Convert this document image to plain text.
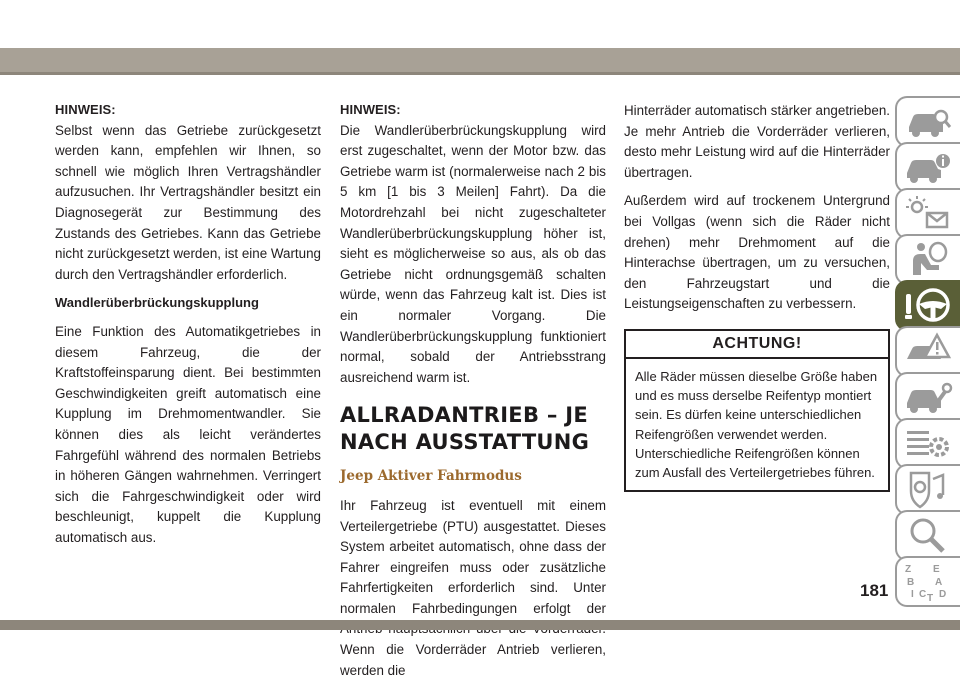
HINWEIS:

Selbst wenn das Getriebe zurückgesetzt werden kann, empfehlen wir Ihnen, so schnell wie möglich Ihren Vertragshändler aufzusuchen. Ihr Vertragshändler besitzt ein Diagnosegerät zur Bestimmung des Zustands des Getriebes. Kann das Getriebe nicht zurückgesetzt werden, ist eine Wartung durch den Vertragshändler erforderlich.

Wandlerüberbrückungskupplung

Eine Funktion des Automatikgetriebes in diesem Fahrzeug, die der Kraftstoffeinsparung dient. Bei bestimmten Geschwindigkeiten greift automatisch eine Kupplung im Drehmomentwandler. Sie können dies als leicht verändertes Fahrgefühl während des normalen Betriebs in höheren Gängen wahrnehmen. Verringert sich die Fahrgeschwindigkeit oder wird beschleunigt, kuppelt die Kupplung automatisch aus.

HINWEIS:

Die Wandlerüberbrückungskupplung wird erst zugeschaltet, wenn der Motor bzw. das Getriebe warm ist (normalerweise nach 2 bis 5 km [1 bis 3 Meilen] Fahrt). Da die Motordrehzahl bei nicht zugeschalteter Wandlerüberbrückungskupplung höher ist, sieht es möglicherweise so aus, als ob das Getriebe nicht ordnungsgemäß schalten würde, wenn das Fahrzeug kalt ist. Dies ist ein normaler Vorgang. Die Wandlerüberbrückungskupplung funktioniert normal, sobald der Antriebsstrang ausreichend warm ist.

ALLRADANTRIEB – JE NACH AUSSTATTUNG
Jeep Aktiver Fahrmodus

Ihr Fahrzeug ist eventuell mit einem Verteilergetriebe (PTU) ausgestattet. Dieses System arbeitet automatisch, ohne dass der Fahrer eingreifen muss oder zusätzliche Fahrfertigkeiten erforderlich sind. Unter normalen Fahrbedingungen erfolgt der Wenn die Vorderräder Antrieb verlieren, werden die

Hinterräder automatisch stärker angetrieben. Je mehr Antrieb die Vorderräder verlieren, desto mehr Leistung wird auf die Hinterräder übertragen.

Außerdem wird auf trockenem Untergrund bei Vollgas (wenn sich die Räder nicht drehen) mehr Drehmoment auf die Hinterachse übertragen, um zu versuchen, den Fahrzeugstart und die Leistungseigenschaften zu verbessern.

ACHTUNG!
Alle Räder müssen dieselbe Größe haben und es muss derselbe Reifentyp montiert sein. Es dürfen keine unterschiedlichen Reifengrößen verwendet werden. Unterschiedliche Reifengrößen können zum Ausfall des Verteilergetriebes führen.
Z E
B A
I C D
T
181
